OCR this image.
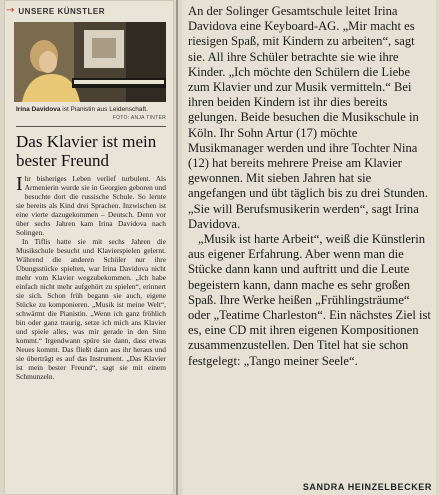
→ UNSERE KÜNSTLER
Irina Davidova ist Pianistin aus Leidenschaft.
FOTO: ANJA TINTER
Das Klavier ist mein bester Freund

Ihr bisheriges Leben verlief turbulent. Als Armenierin wurde sie in Georgien geboren und besuchte dort die russische Schule. So lernte sie bereits als Kind drei Sprachen. Inzwischen ist eine vierte dazugekommen – Deutsch. Denn vor über sechs Jahren kam Irina Davidova nach Solingen.

In Tiflis hatte sie mit sechs Jahren die Musikschule besucht und Klavierspielen gelernt. Während die anderen Schüler nur ihre Übungsstücke spielten, war Irina Davidova nicht mehr vom Klavier wegzubekommen. „Ich habe einfach nicht mehr aufgehört zu spielen“, erinnert sie sich. Schon früh begann sie auch, eigene Stücke zu komponieren. „Musik ist meine Welt“, schwärmt die Pianistin. „Wenn ich ganz fröhlich bin oder ganz traurig, setze ich mich ans Klavier und spiele alles, was mir gerade in den Sinn kommt.“ Irgendwann spüre sie dann, dass etwas Neues kommt. Das fließt dann aus ihr heraus und sie überträgt es auf das Instrument. „Das Klavier ist mein bester Freund“, sagt sie mit einem Schmunzeln.

An der Solinger Gesamtschule leitet Irina Davidova eine Keyboard-AG. „Mir macht es riesigen Spaß, mit Kindern zu arbeiten“, sagt sie. All ihre Schüler betrachte sie wie ihre Kinder. „Ich möchte den Schülern die Liebe zum Klavier und zur Musik vermitteln.“ Bei ihren beiden Kindern ist ihr dies bereits gelungen. Beide besuchen die Musikschule in Köln. Ihr Sohn Artur (17) möchte Musikmanager werden und ihre Tochter Nina (12) hat bereits mehrere Preise am Klavier gewonnen. Mit sieben Jahren hat sie angefangen und übt täglich bis zu drei Stunden. „Sie will Berufsmusikerin werden“, sagt Irina Davidova.

„Musik ist harte Arbeit“, weiß die Künstlerin aus eigener Erfahrung. Aber wenn man die Stücke dann kann und auftritt und die Leute begeistern kann, dann mache es sehr großen Spaß. Ihre Werke heißen „Frühlingsträume“ oder „Teatime Charleston“. Ein nächstes Ziel ist es, eine CD mit ihren eigenen Kompositionen zusammenzustellen. Den Titel hat sie schon festgelegt: „Tango meiner Seele“.

SANDRA HEINZELBECKER
